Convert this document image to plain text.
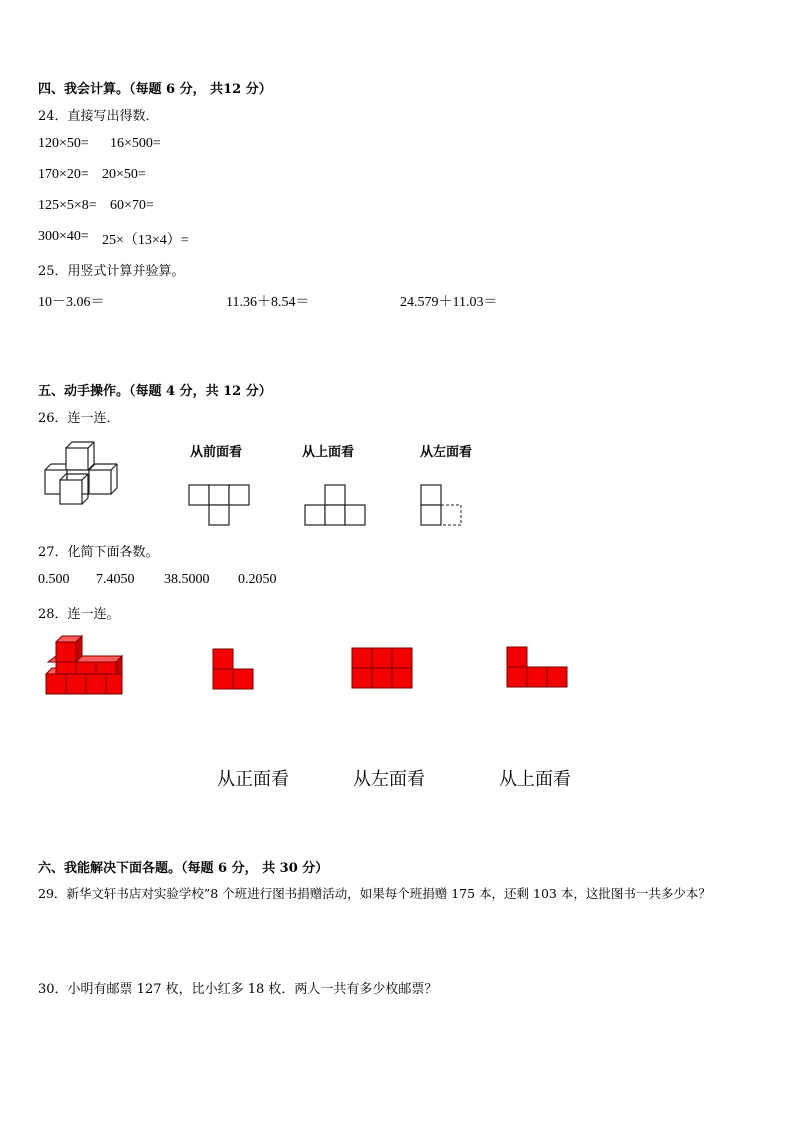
四、我会计算。（每题 6 分， 共12 分）
24．直接写出得数．
120×50= 16×500=
170×20= 20×50=
125×5×8= 60×70=
300×40= 25×（13×4）=
25．用竖式计算并验算。
10－3.06＝	11.36＋8.54＝	24.579＋11.03＝
五、动手操作。（每题 4 分，共 12 分）
26．连一连．
从前面看	从上面看	从左面看
27．化简下面各数。
0.500 7.4050 38.5000 0.2050
28．连一连。
从正面看	从左面看	从上面看
六、我能解决下面各题。（每题 6 分， 共 30 分）
29．新华文轩书店对实验学校”8 个班进行图书捐赠活动，如果每个班捐赠 175 本，还剩 103 本，这批图书一共多少本？
30．小明有邮票 127 枚，比小红多 18 枚．两人一共有多少枚邮票？
